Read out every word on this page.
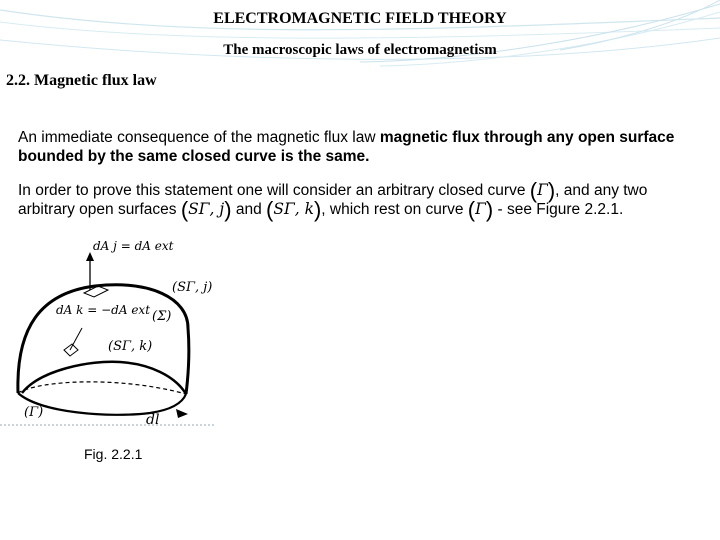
ELECTROMAGNETIC FIELD THEORY
The macroscopic laws of electromagnetism
2.2. Magnetic flux law
An immediate consequence of the magnetic flux law magnetic flux through any open surface bounded by the same closed curve is the same.
In order to prove this statement one will consider an arbitrary closed curve (Γ), and any two arbitrary open surfaces (SΓ, j) and (SΓ, k), which rest on curve (Γ) - see Figure 2.2.1.
dA j = dA ext
(SΓ, j)
dA k = −dA ext (Σ)
(SΓ, k)
(Γ)	dl
Fig. 2.2.1
